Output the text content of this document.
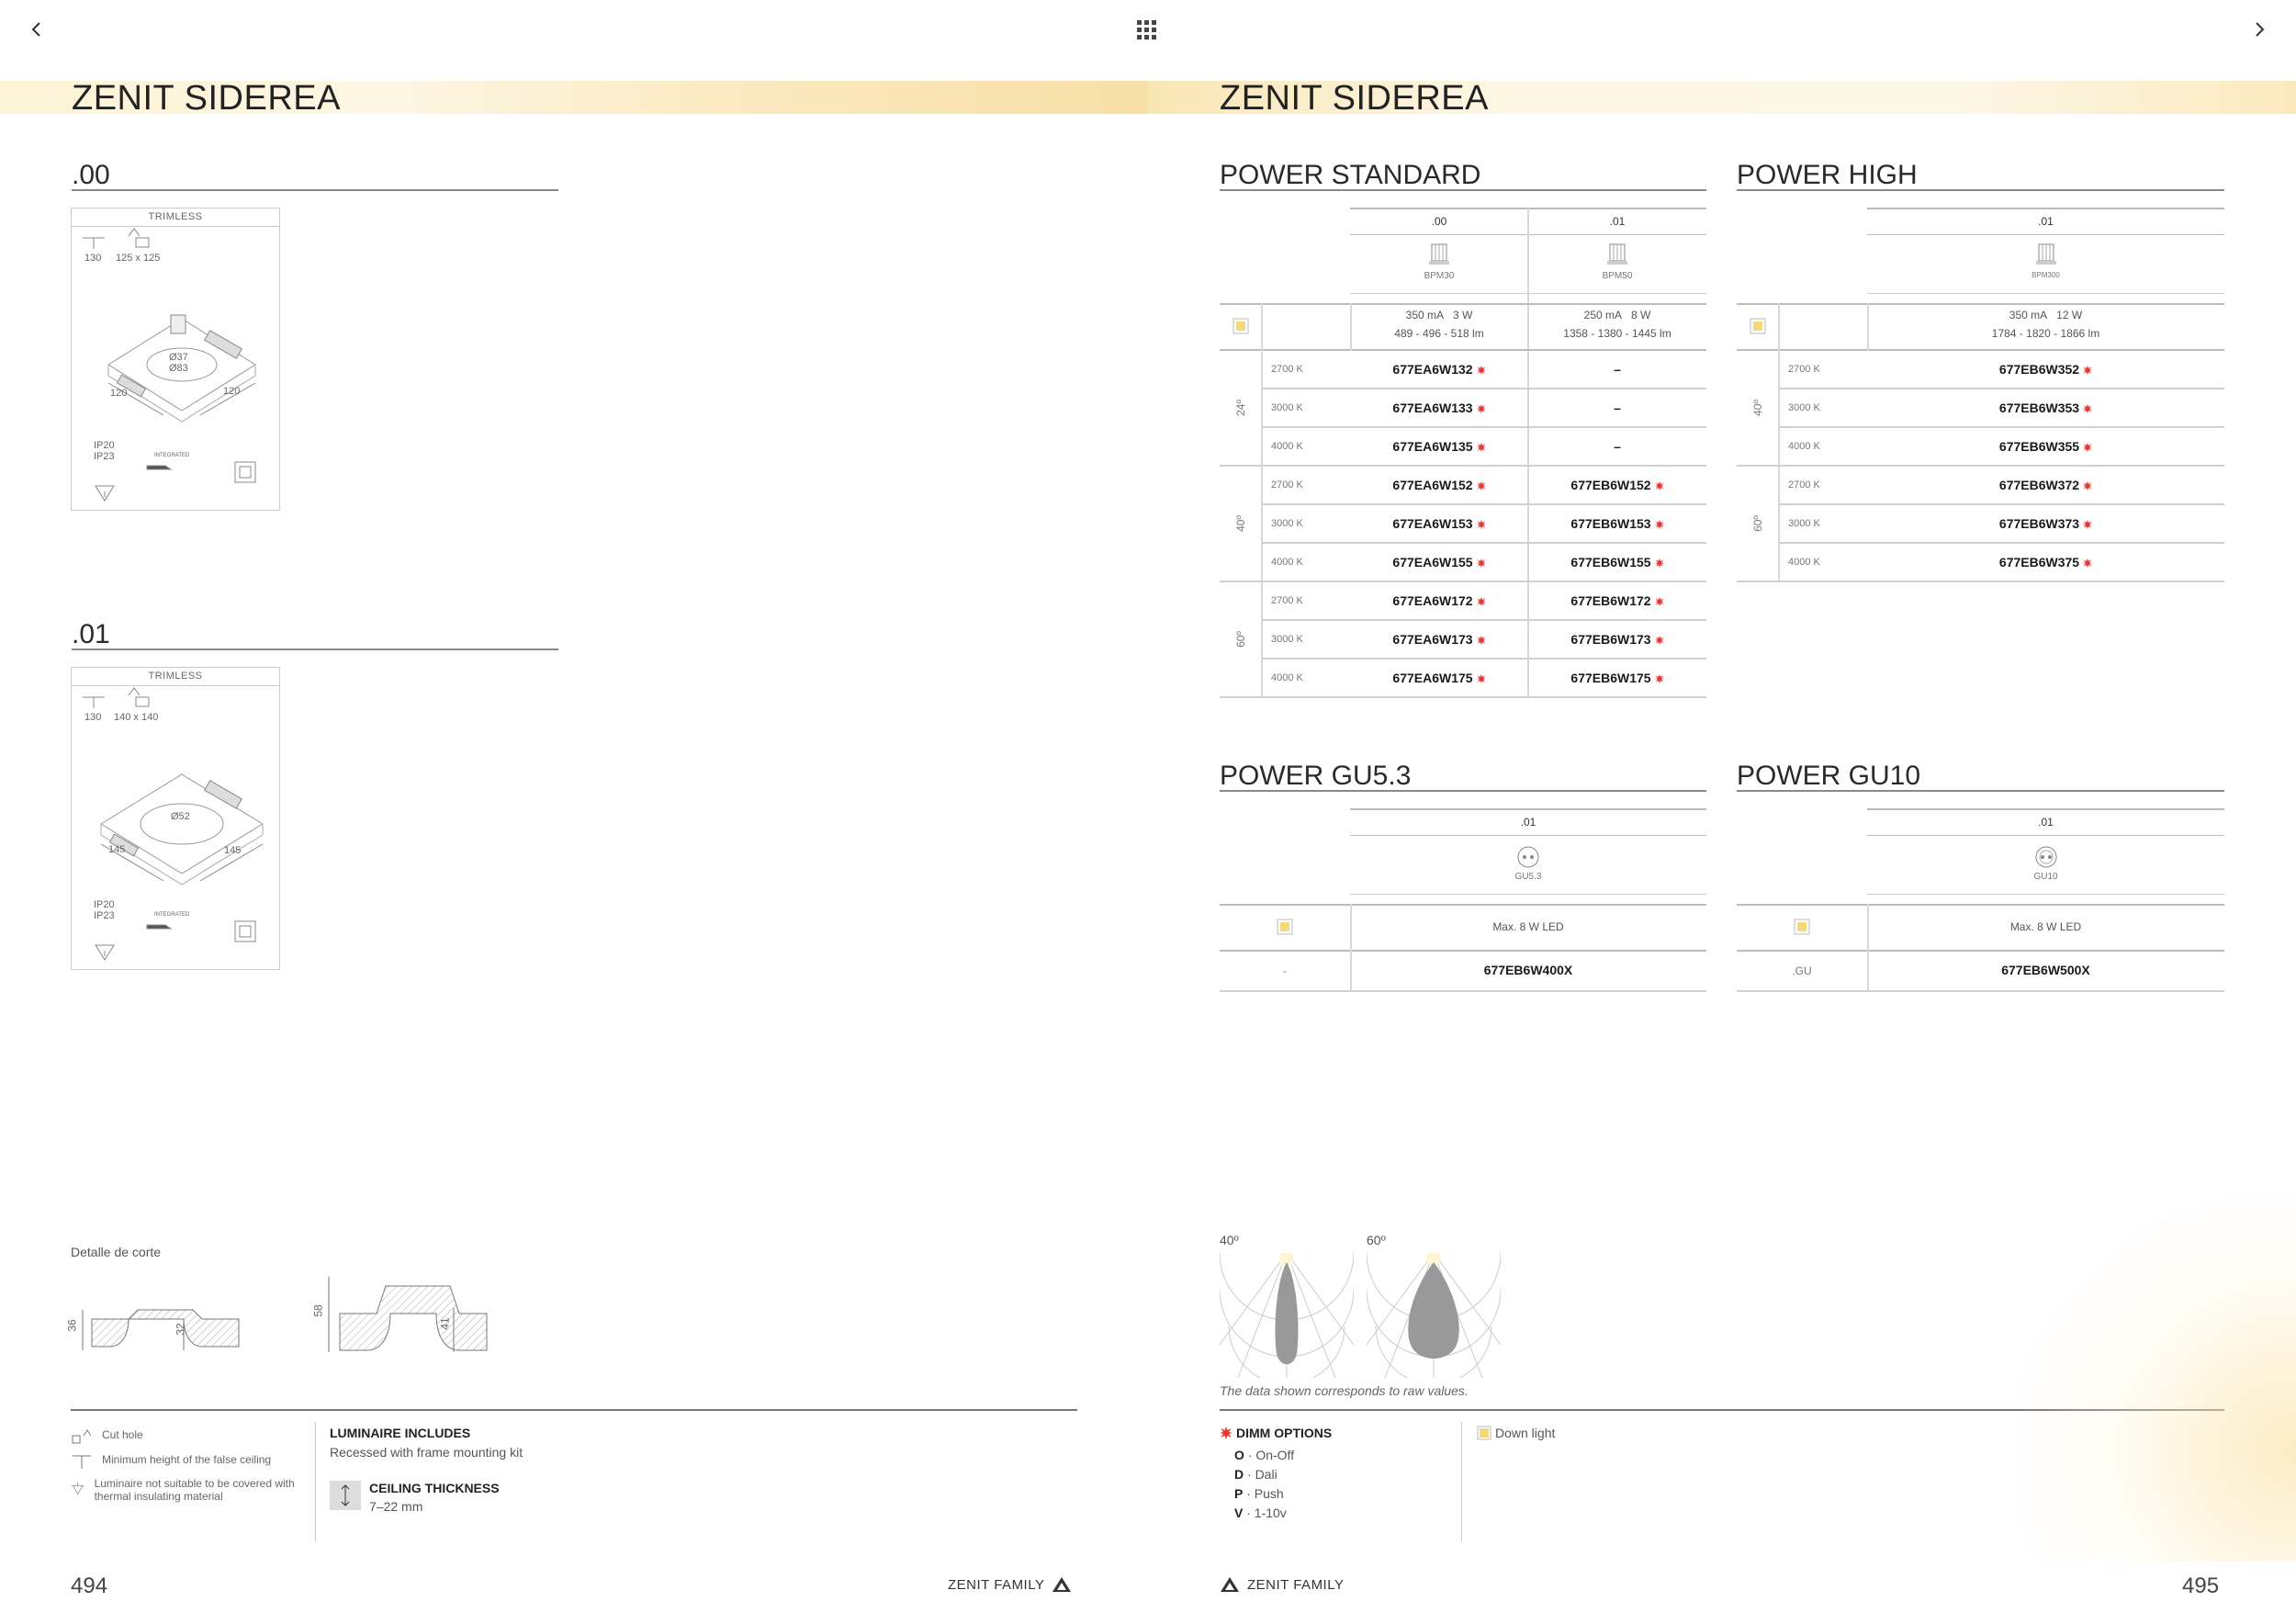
ZENIT SIDEREA	ZENIT SIDEREA
.00
.01
TRIMLESS
130 125 x 125
Ø37
Ø83
120	120
IP20
IP23	INTEGRATED
TRIMLESS
130 140 x 140
Ø52
145	145
IP20
IP23	INTEGRATED
Detalle de corte
36	32
58
41
Cut hole
Minimum height of the false ceiling
Luminaire not suitable to be covered with thermal insulating material
LUMINAIRE INCLUDES
Recessed with frame mounting kit
CEILING THICKNESS
7–22 mm
494	ZENIT FAMILY
POWER STANDARD	POWER HIGH
POWER GU5.3	POWER GU10
.00	.01
BPM30	BPM50
350 mA 3 W
489 - 496 - 518 lm
250 mA 8 W
1358 - 1380 - 1445 lm
24º
2700 K	677EA6W132	–
3000 K	677EA6W133	–
4000 K	677EA6W135	–
40º
2700 K	677EA6W152	677EB6W152
3000 K	677EA6W153	677EB6W153
4000 K	677EA6W155	677EB6W155
60º
2700 K	677EA6W172	677EB6W172
3000 K	677EA6W173	677EB6W173
4000 K	677EA6W175	677EB6W175
.01
BPM300
350 mA 12 W
1784 - 1820 - 1866 lm
40º
2700 K	677EB6W352
3000 K	677EB6W353
4000 K	677EB6W355
60º
2700 K	677EB6W372
3000 K	677EB6W373
4000 K	677EB6W375
.01
GU5.3
Max. 8 W LED
-	677EB6W400X
.01
GU10
Max. 8 W LED
.GU	677EB6W500X
40º	60º
The data shown corresponds to raw values.
DIMM OPTIONS
O · On-Off
D · Dali
P · Push
V · 1-10v
Down light
ZENIT FAMILY	495
